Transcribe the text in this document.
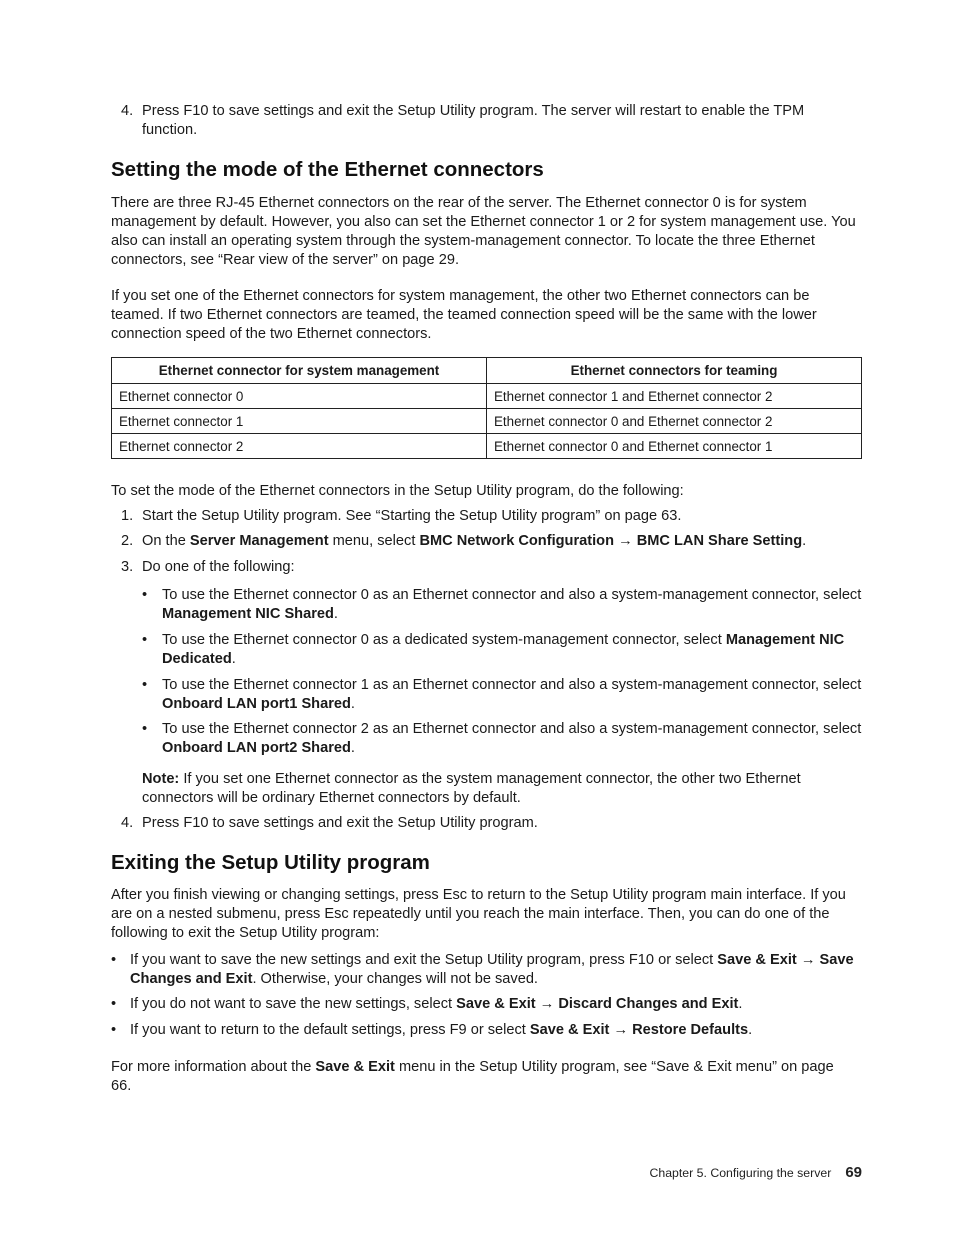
4. Press F10 to save settings and exit the Setup Utility program. The server will restart to enable the TPM function.

Setting the mode of the Ethernet connectors

There are three RJ-45 Ethernet connectors on the rear of the server. The Ethernet connector 0 is for system management by default. However, you also can set the Ethernet connector 1 or 2 for system management use. You also can install an operating system through the system-management connector. To locate the three Ethernet connectors, see “Rear view of the server” on page 29.

If you set one of the Ethernet connectors for system management, the other two Ethernet connectors can be teamed. If two Ethernet connectors are teamed, the teamed connection speed will be the same with the lower connection speed of the two Ethernet connectors.

Ethernet connector for system management	Ethernet connectors for teaming
Ethernet connector 0	Ethernet connector 1 and Ethernet connector 2
Ethernet connector 1	Ethernet connector 0 and Ethernet connector 2
Ethernet connector 2	Ethernet connector 0 and Ethernet connector 1

To set the mode of the Ethernet connectors in the Setup Utility program, do the following:

1. Start the Setup Utility program. See “Starting the Setup Utility program” on page 63.

2. On the Server Management menu, select BMC Network Configuration → BMC LAN Share Setting.

3. Do one of the following:

• To use the Ethernet connector 0 as an Ethernet connector and also a system-management connector, select Management NIC Shared.

• To use the Ethernet connector 0 as a dedicated system-management connector, select Management NIC Dedicated.

• To use the Ethernet connector 1 as an Ethernet connector and also a system-management connector, select Onboard LAN port1 Shared.

• To use the Ethernet connector 2 as an Ethernet connector and also a system-management connector, select Onboard LAN port2 Shared.

Note: If you set one Ethernet connector as the system management connector, the other two Ethernet connectors will be ordinary Ethernet connectors by default.

4. Press F10 to save settings and exit the Setup Utility program.

Exiting the Setup Utility program

After you finish viewing or changing settings, press Esc to return to the Setup Utility program main interface. If you are on a nested submenu, press Esc repeatedly until you reach the main interface. Then, you can do one of the following to exit the Setup Utility program:

• If you want to save the new settings and exit the Setup Utility program, press F10 or select Save & Exit → Save Changes and Exit. Otherwise, your changes will not be saved.

• If you do not want to save the new settings, select Save & Exit → Discard Changes and Exit.

• If you want to return to the default settings, press F9 or select Save & Exit → Restore Defaults.

For more information about the Save & Exit menu in the Setup Utility program, see “Save & Exit menu” on page 66.

Chapter 5. Configuring the server 69
